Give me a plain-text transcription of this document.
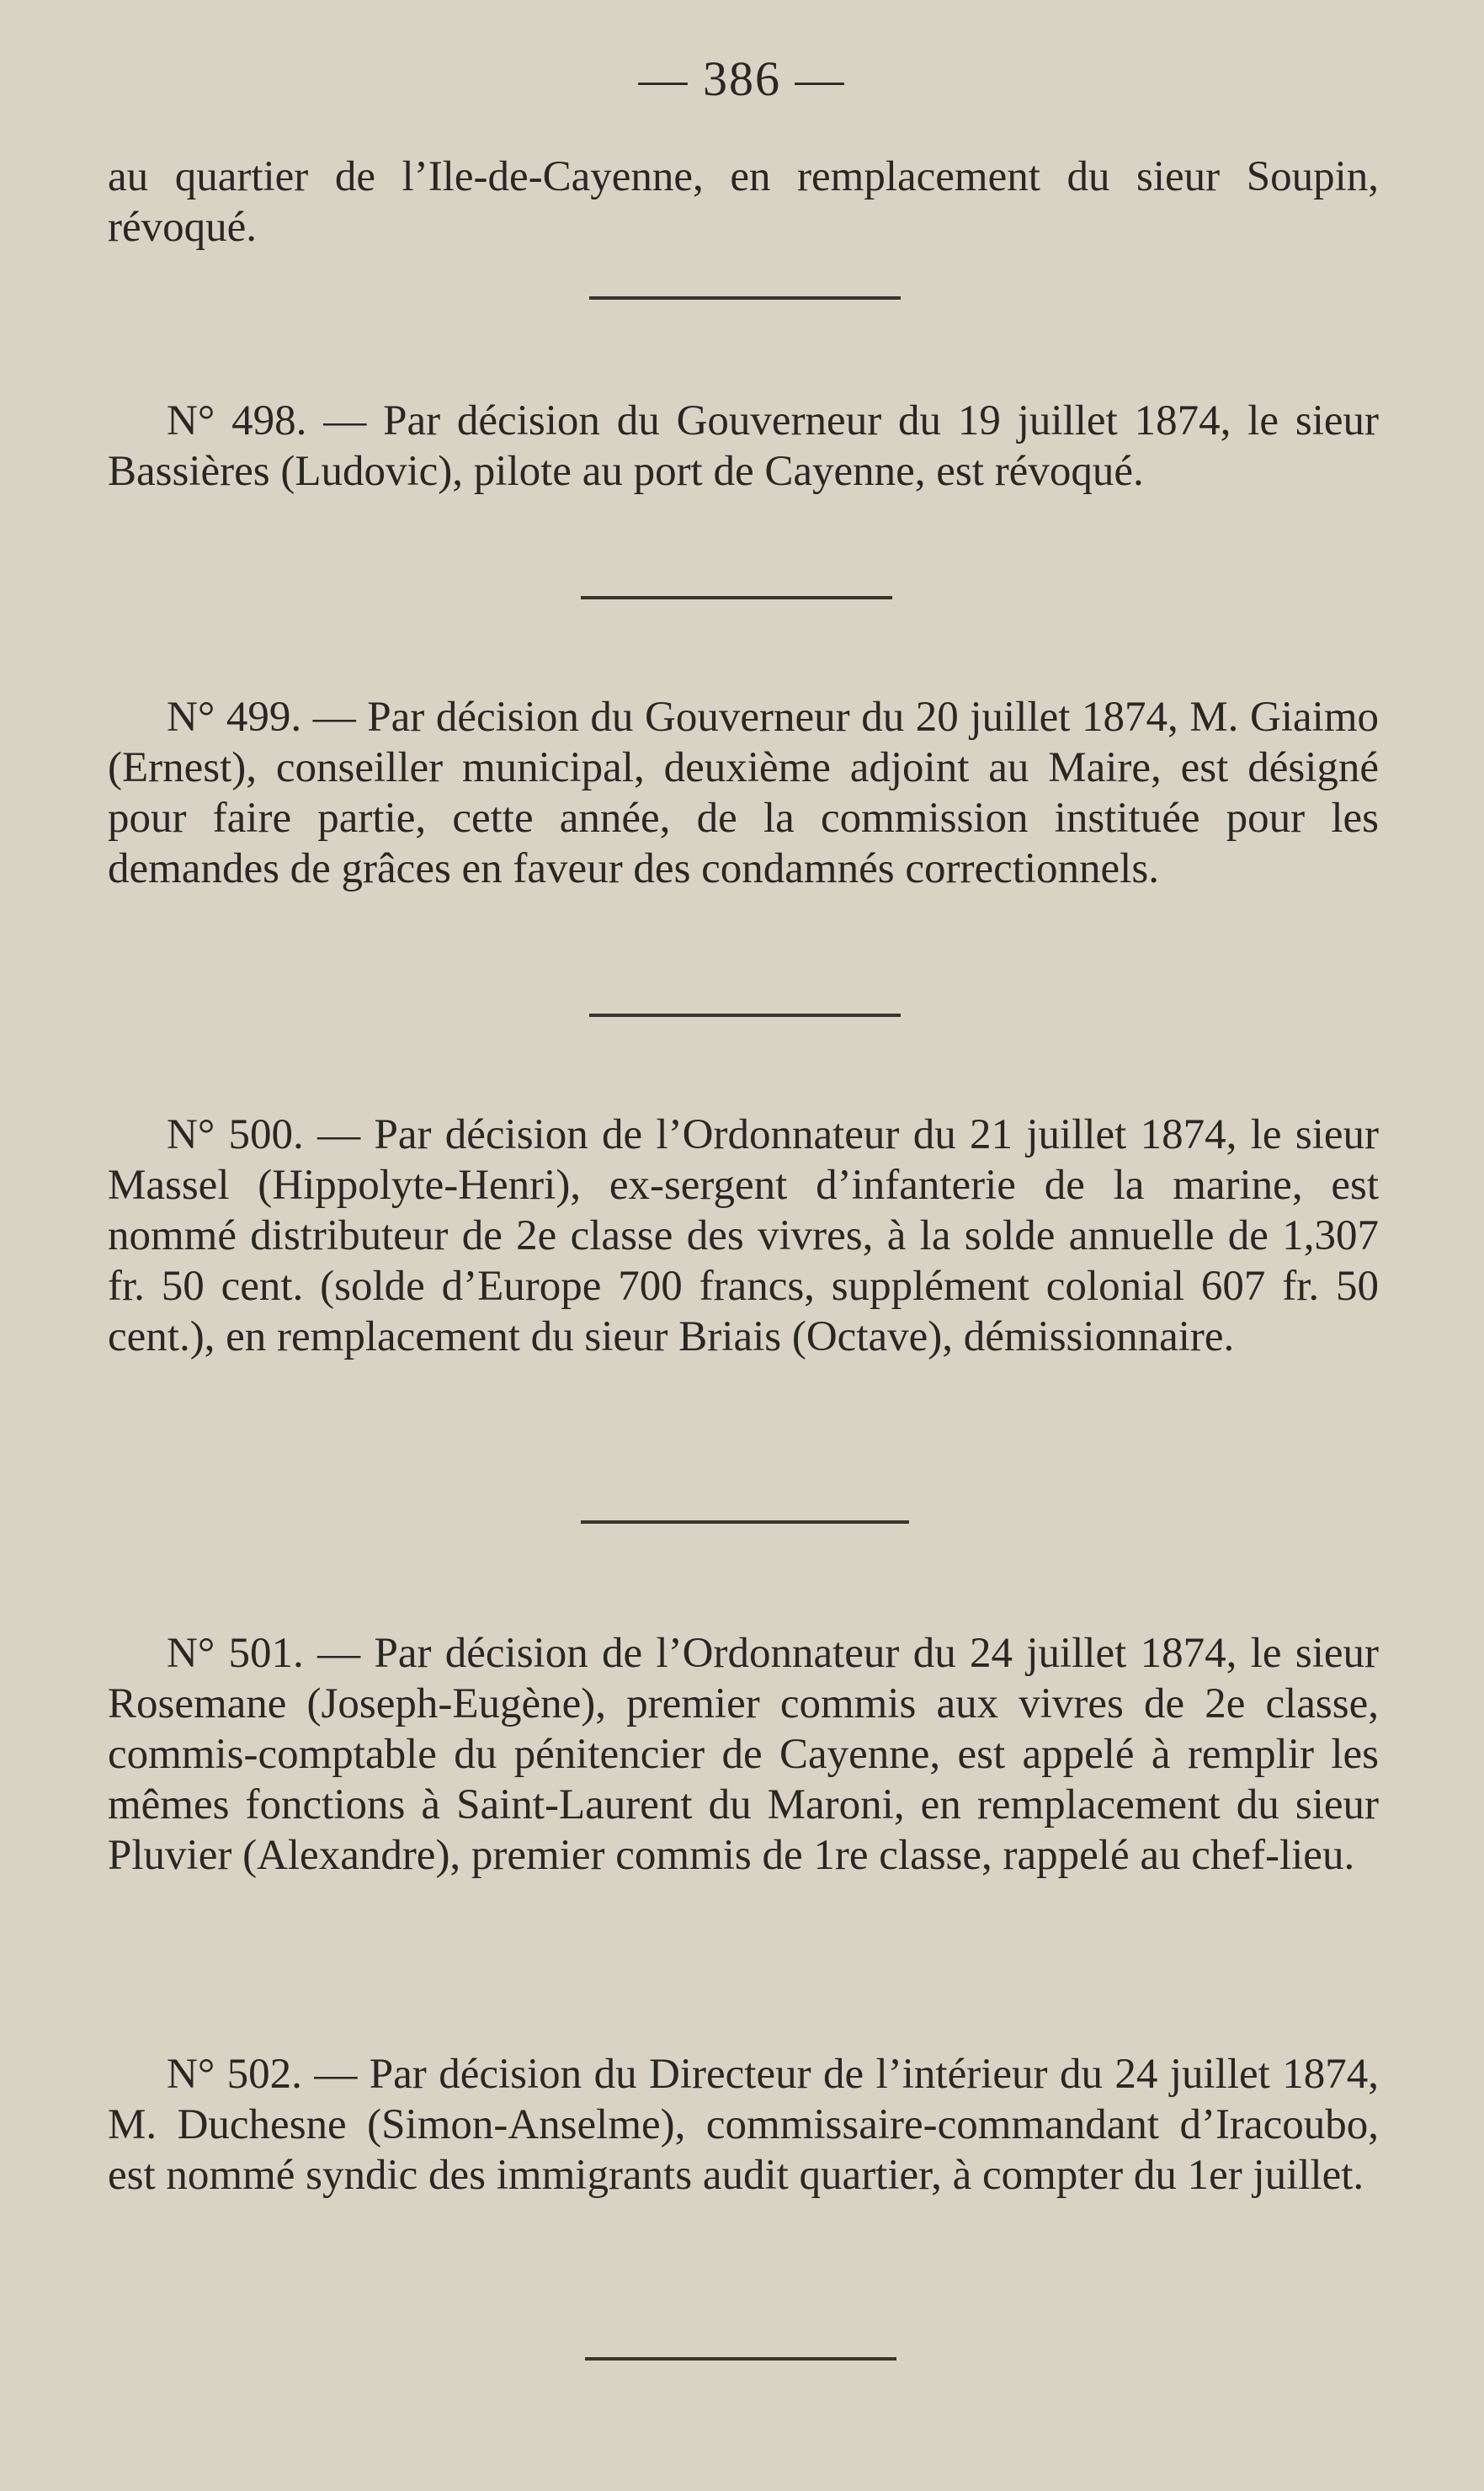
— 386 —

au quartier de l’Ile-de-Cayenne, en remplacement du sieur Soupin, révoqué.

N° 498. — Par décision du Gouverneur du 19 juillet 1874, le sieur Bassières (Ludovic), pilote au port de Cayenne, est révoqué.

N° 499. — Par décision du Gouverneur du 20 juillet 1874, M. Giaimo (Ernest), conseiller municipal, deuxième adjoint au Maire, est désigné pour faire partie, cette année, de la commission instituée pour les demandes de grâces en faveur des condamnés correctionnels.

N° 500. — Par décision de l’Ordonnateur du 21 juillet 1874, le sieur Massel (Hippolyte-Henri), ex-sergent d’infanterie de la marine, est nommé distributeur de 2e classe des vivres, à la solde annuelle de 1,307 fr. 50 cent. (solde d’Europe 700 francs, supplément colonial 607 fr. 50 cent.), en remplacement du sieur Briais (Octave), démissionnaire.

N° 501. — Par décision de l’Ordonnateur du 24 juillet 1874, le sieur Rosemane (Joseph-Eugène), premier commis aux vivres de 2e classe, commis-comptable du pénitencier de Cayenne, est appelé à remplir les mêmes fonctions à Saint-Laurent du Maroni, en remplacement du sieur Pluvier (Alexandre), premier commis de 1re classe, rappelé au chef-lieu.

N° 502. — Par décision du Directeur de l’intérieur du 24 juillet 1874, M. Duchesne (Simon-Anselme), commissaire-commandant d’Iracoubo, est nommé syndic des immigrants audit quartier, à compter du 1er juillet.
